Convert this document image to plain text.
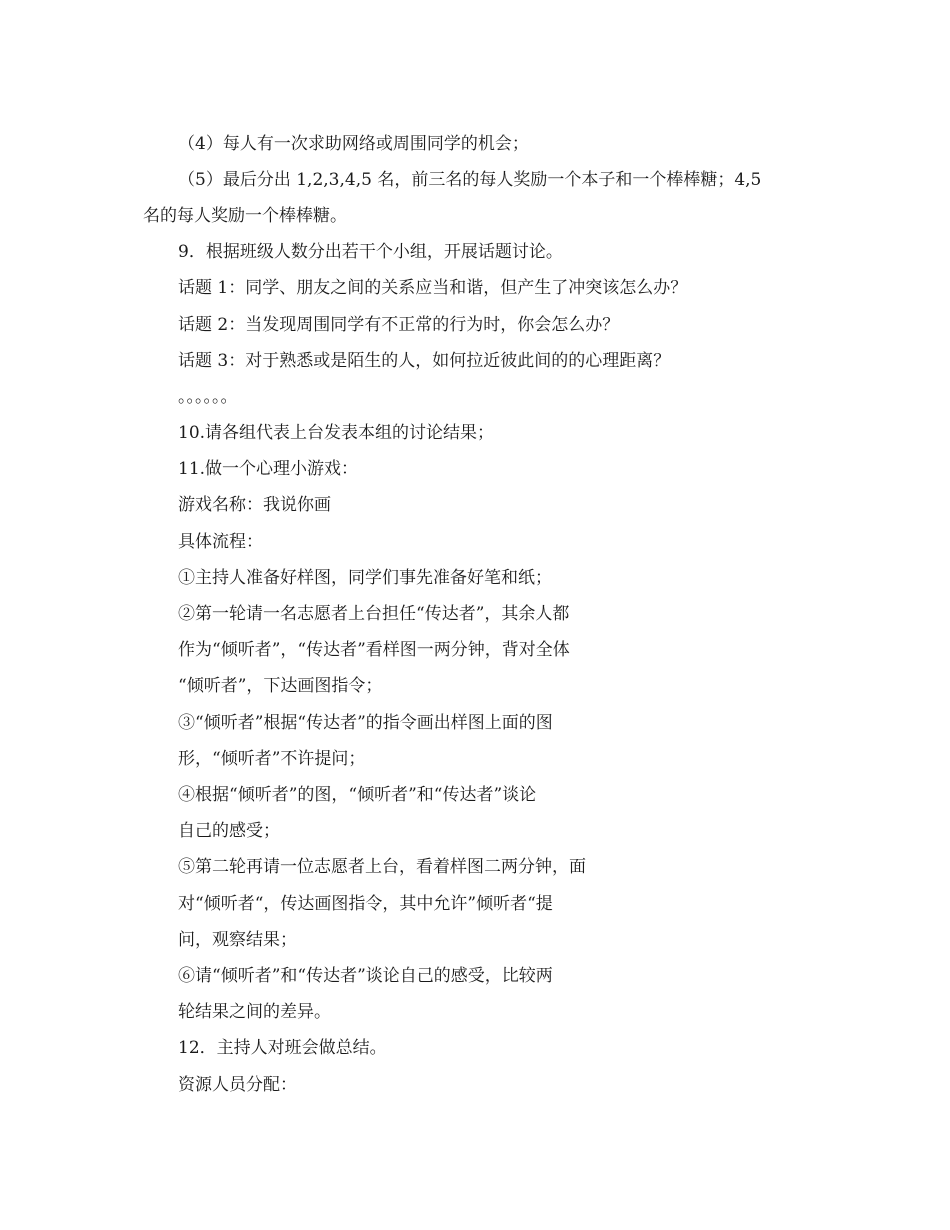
（4）每人有一次求助网络或周围同学的机会；
（5）最后分出 1,2,3,4,5 名，前三名的每人奖励一个本子和一个棒棒糖；4,5
名的每人奖励一个棒棒糖。
9．根据班级人数分出若干个小组，开展话题讨论。
话题 1：同学、朋友之间的关系应当和谐，但产生了冲突该怎么办？
话题 2：当发现周围同学有不正常的行为时，你会怎么办？
话题 3：对于熟悉或是陌生的人，如何拉近彼此间的的心理距离？
。。。。。。
10.请各组代表上台发表本组的讨论结果；
11.做一个心理小游戏：
游戏名称：我说你画
具体流程：
①主持人准备好样图，同学们事先准备好笔和纸；
②第一轮请一名志愿者上台担任“传达者”，其余人都
作为“倾听者”，“传达者”看样图一两分钟，背对全体
“倾听者”，下达画图指令；
③“倾听者”根据“传达者”的指令画出样图上面的图
形，“倾听者”不许提问；
④根据“倾听者”的图，“倾听者”和“传达者”谈论
自己的感受；
⑤第二轮再请一位志愿者上台，看着样图二两分钟，面
对“倾听者“，传达画图指令，其中允许”倾听者“提
问，观察结果；
⑥请“倾听者”和“传达者”谈论自己的感受，比较两
轮结果之间的差异。
12．主持人对班会做总结。
资源人员分配：
